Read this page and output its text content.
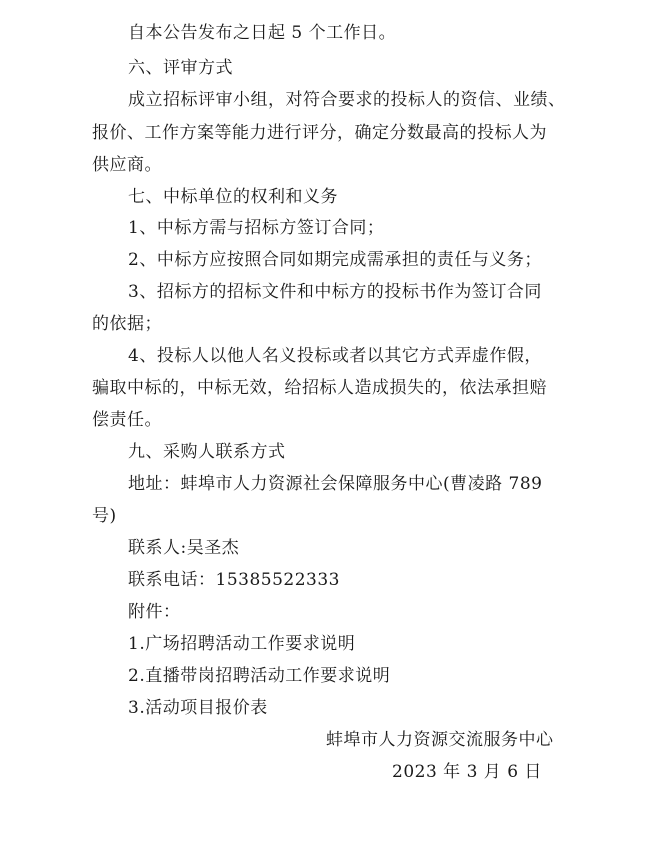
自本公告发布之日起 5 个工作日。
六、评审方式
成立招标评审小组，对符合要求的投标人的资信、业绩、
报价、工作方案等能力进行评分，确定分数最高的投标人为
供应商。
七、中标单位的权利和义务
1、中标方需与招标方签订合同；
2、中标方应按照合同如期完成需承担的责任与义务；
3、招标方的招标文件和中标方的投标书作为签订合同
的依据；
4、投标人以他人名义投标或者以其它方式弄虚作假，
骗取中标的，中标无效，给招标人造成损失的，依法承担赔
偿责任。
九、采购人联系方式
地址：蚌埠市人力资源社会保障服务中心(曹凌路 789
号)
联系人:吴圣杰
联系电话：15385522333
附件：
1.广场招聘活动工作要求说明
2.直播带岗招聘活动工作要求说明
3.活动项目报价表
蚌埠市人力资源交流服务中心
2023 年 3 月 6 日
